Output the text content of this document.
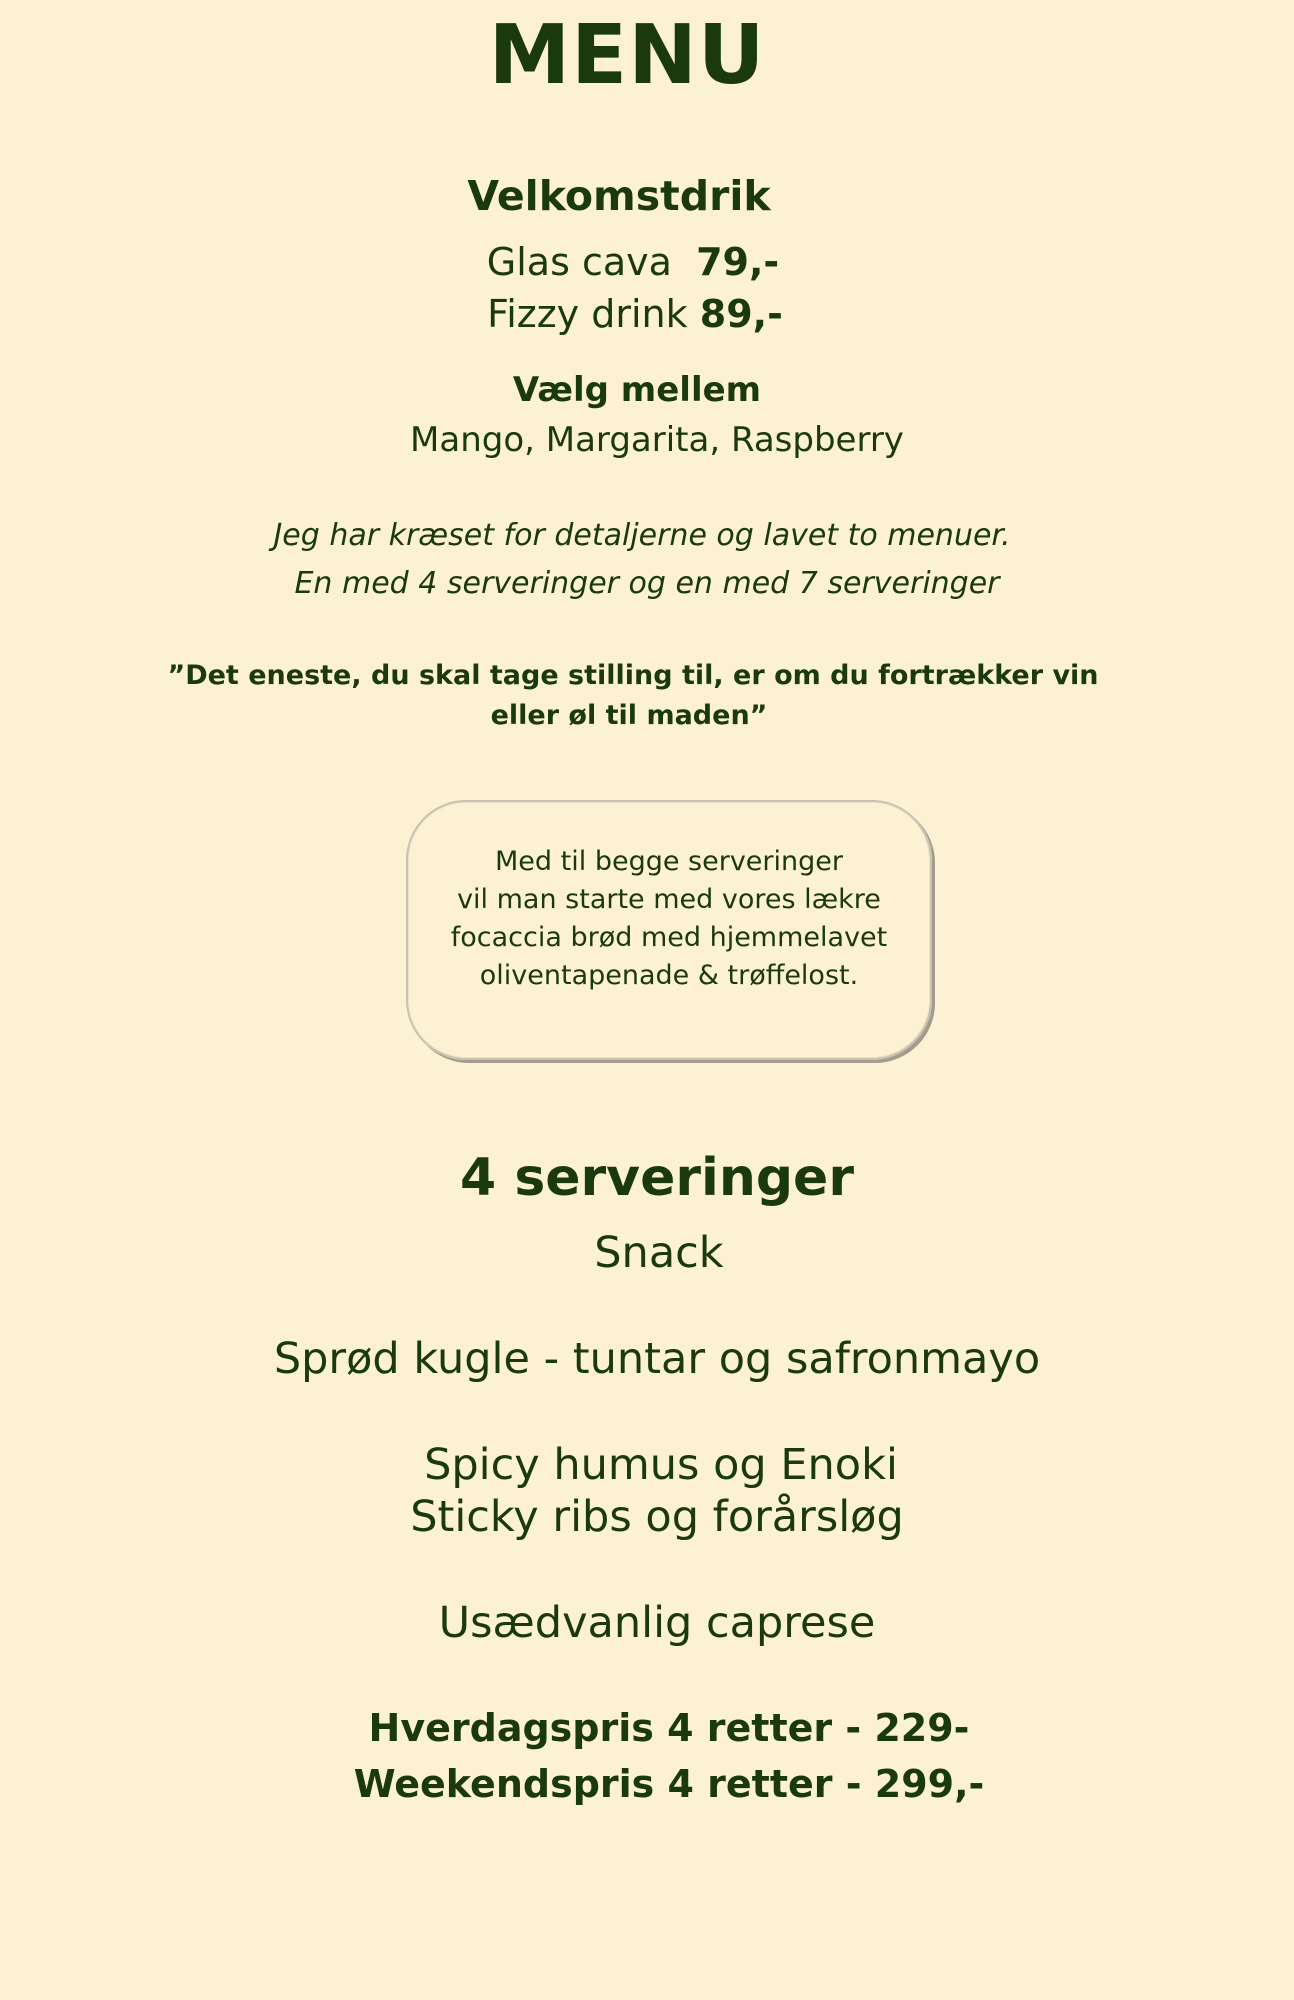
MENU
Velkomstdrik
Glas cava 79,-
Fizzy drink 89,-
Vælg mellem
Mango, Margarita, Raspberry
Jeg har kræset for detaljerne og lavet to menuer.
En med 4 serveringer og en med 7 serveringer
”Det eneste, du skal tage stilling til, er om du fortrækker vin
eller øl til maden”
Med til begge serveringer
vil man starte med vores lækre
focaccia brød med hjemmelavet
oliventapenade & trøffelost.
4 serveringer
Snack
Sprød kugle - tuntar og safronmayo
Spicy humus og Enoki
Sticky ribs og forårsløg
Usædvanlig caprese
Hverdagspris 4 retter - 229-
Weekendspris 4 retter - 299,-
